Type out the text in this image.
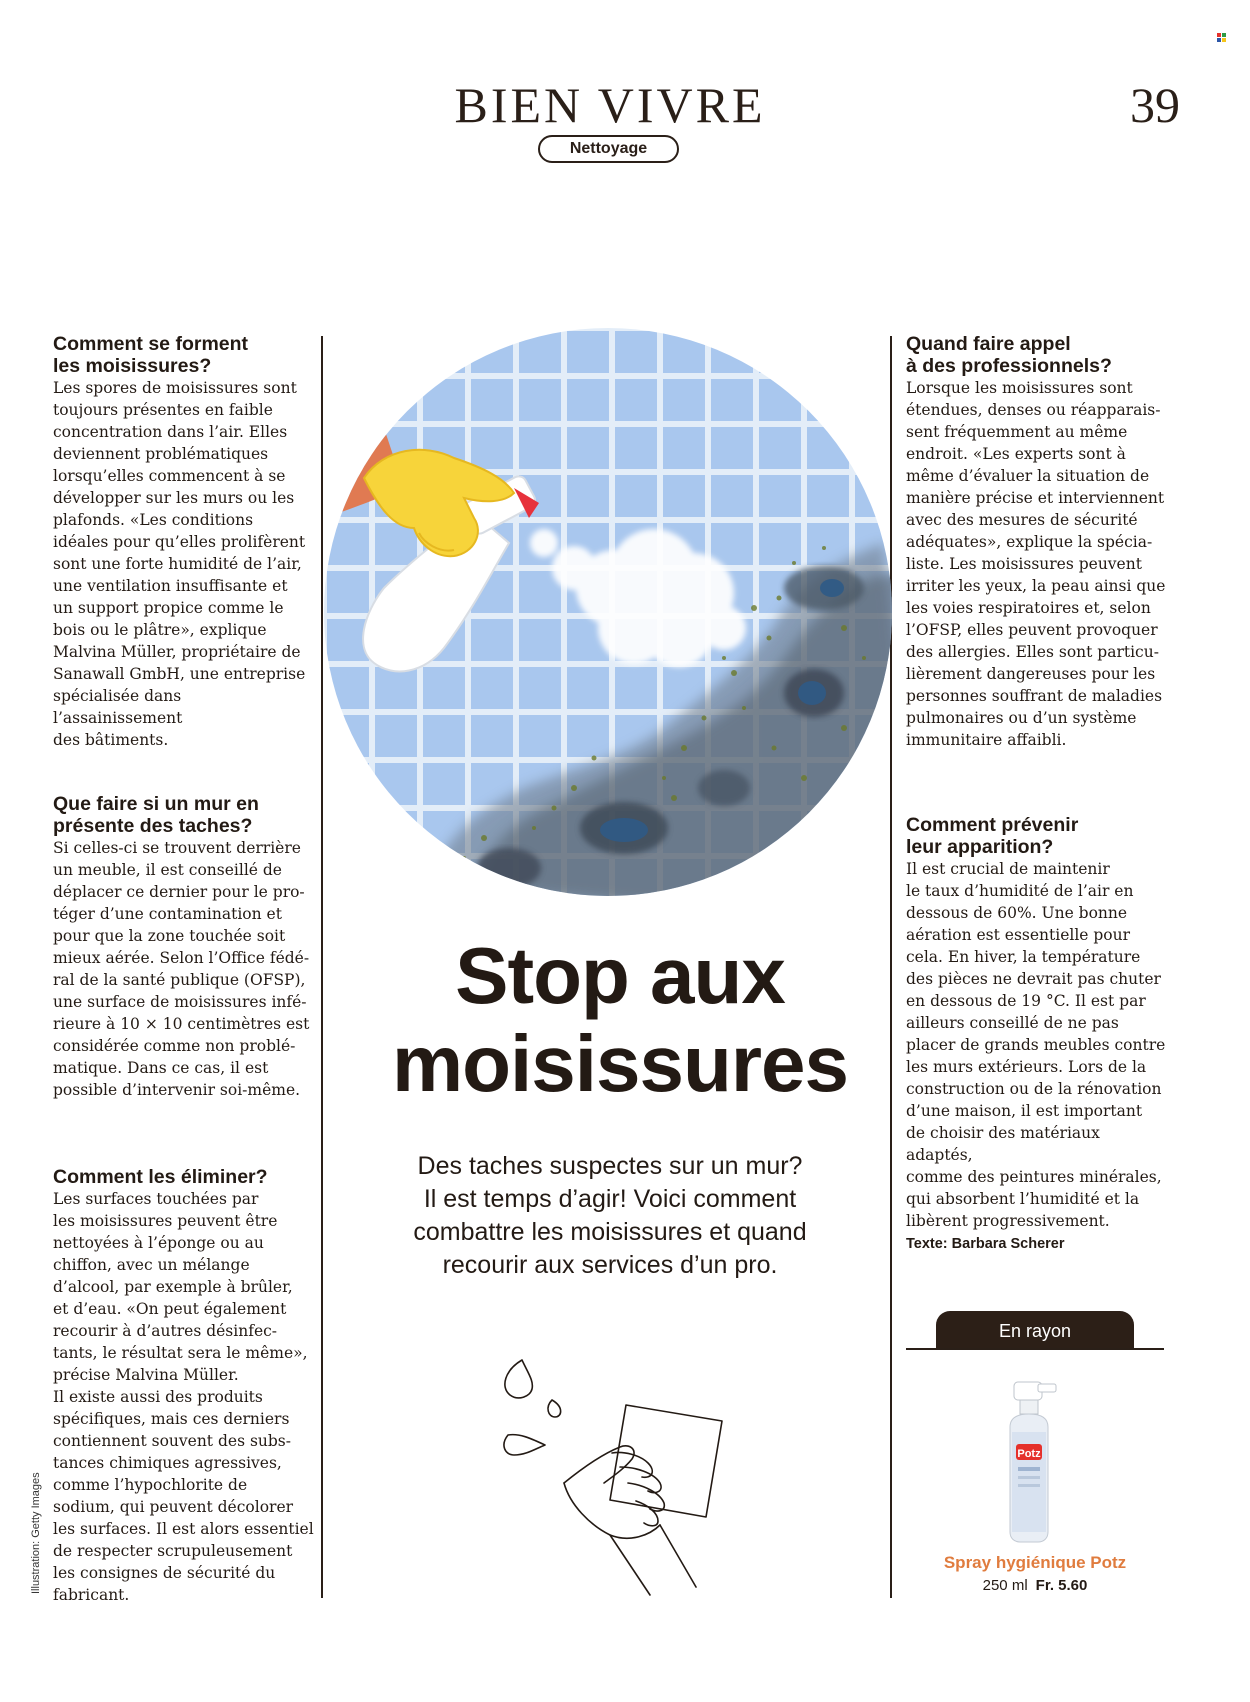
BIEN VIVRE	39
Nettoyage
Comment se forment
les moisissures?

Les spores de moisissures sont
toujours présentes en faible
concentration dans l’air. Elles
deviennent problématiques
lorsqu’elles commencent à se
développer sur les murs ou les
plafonds. «Les conditions
idéales pour qu’elles prolifèrent
sont une forte humidité de l’air,
une ventilation insuffisante et
un support propice comme le
bois ou le plâtre», explique
Malvina Müller, propriétaire de
Sanawall GmbH, une entreprise
spécialisée dans l’assainissement
des bâtiments.

Que faire si un mur en
présente des taches?

Si celles-ci se trouvent derrière
un meuble, il est conseillé de
déplacer ce dernier pour le pro-
téger d’une contamination et
pour que la zone touchée soit
mieux aérée. Selon l’Office fédé-
ral de la santé publique (OFSP),
une surface de moisissures infé-
rieure à 10 × 10 centimètres est
considérée comme non problé-
matique. Dans ce cas, il est
possible d’intervenir soi-même.

Comment les éliminer?

Les surfaces touchées par
les moisissures peuvent être
nettoyées à l’éponge ou au
chiffon, avec un mélange
d’alcool, par exemple à brûler,
et d’eau. «On peut également
recourir à d’autres désinfec-
tants, le résultat sera le même»,
précise Malvina Müller.
Il existe aussi des produits
spécifiques, mais ces derniers
contiennent souvent des subs-
tances chimiques agressives,
comme l’hypochlorite de
sodium, qui peuvent décolorer
les surfaces. Il est alors essentiel
de respecter scrupuleusement
les consignes de sécurité du
fabricant.

Quand faire appel
à des professionnels?

Lorsque les moisissures sont
étendues, denses ou réapparais-
sent fréquemment au même
endroit. «Les experts sont à
même d’évaluer la situation de
manière précise et interviennent
avec des mesures de sécurité
adéquates», explique la spécia-
liste. Les moisissures peuvent
irriter les yeux, la peau ainsi que
les voies respiratoires et, selon
l’OFSP, elles peuvent provoquer
des allergies. Elles sont particu-
lièrement dangereuses pour les
personnes souffrant de maladies
pulmonaires ou d’un système
immunitaire affaibli.

Comment prévenir
leur apparition?

Il est crucial de maintenir
le taux d’humidité de l’air en
dessous de 60%. Une bonne
aération est essentielle pour
cela. En hiver, la température
des pièces ne devrait pas chuter
en dessous de 19 °C. Il est par
ailleurs conseillé de ne pas
placer de grands meubles contre
les murs extérieurs. Lors de la
construction ou de la rénovation
d’une maison, il est important
de choisir des matériaux adaptés,
comme des peintures minérales,
qui absorbent l’humidité et la
libèrent progressivement.

Stop aux
moisissures
Des taches suspectes sur un mur?
Il est temps d’agir! Voici comment
combattre les moisissures et quand
recourir aux services d’un pro.
Texte: Barbara Scherer
En rayon
Potz
Spray hygiénique Potz
250 ml Fr. 5.60
Illustration: Getty Images
